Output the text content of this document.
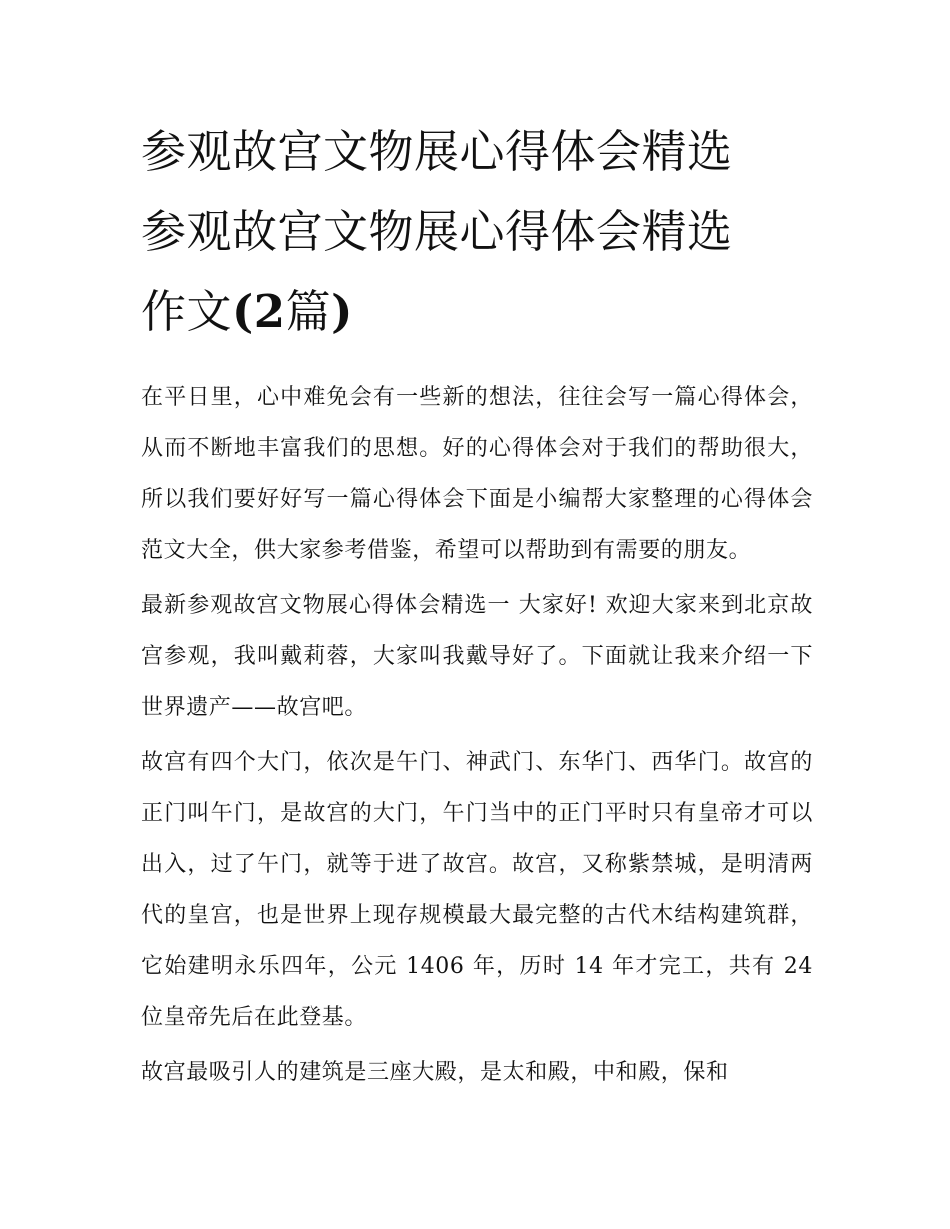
参观故宫文物展心得体会精选
参观故宫文物展心得体会精选
作文(2篇)

在平日里，心中难免会有一些新的想法，往往会写一篇心得体会，从而不断地丰富我们的思想。好的心得体会对于我们的帮助很大，所以我们要好好写一篇心得体会下面是小编帮大家整理的心得体会范文大全，供大家参考借鉴，希望可以帮助到有需要的朋友。

最新参观故宫文物展心得体会精选一 大家好! 欢迎大家来到北京故宫参观，我叫戴莉蓉，大家叫我戴导好了。下面就让我来介绍一下世界遗产——故宫吧。

故宫有四个大门，依次是午门、神武门、东华门、西华门。故宫的正门叫午门，是故宫的大门，午门当中的正门平时只有皇帝才可以出入，过了午门，就等于进了故宫。故宫，又称紫禁城，是明清两代的皇宫，也是世界上现存规模最大最完整的古代木结构建筑群，它始建明永乐四年，公元 1406 年，历时 14 年才完工，共有 24 位皇帝先后在此登基。

故宫最吸引人的建筑是三座大殿，是太和殿，中和殿，保和
